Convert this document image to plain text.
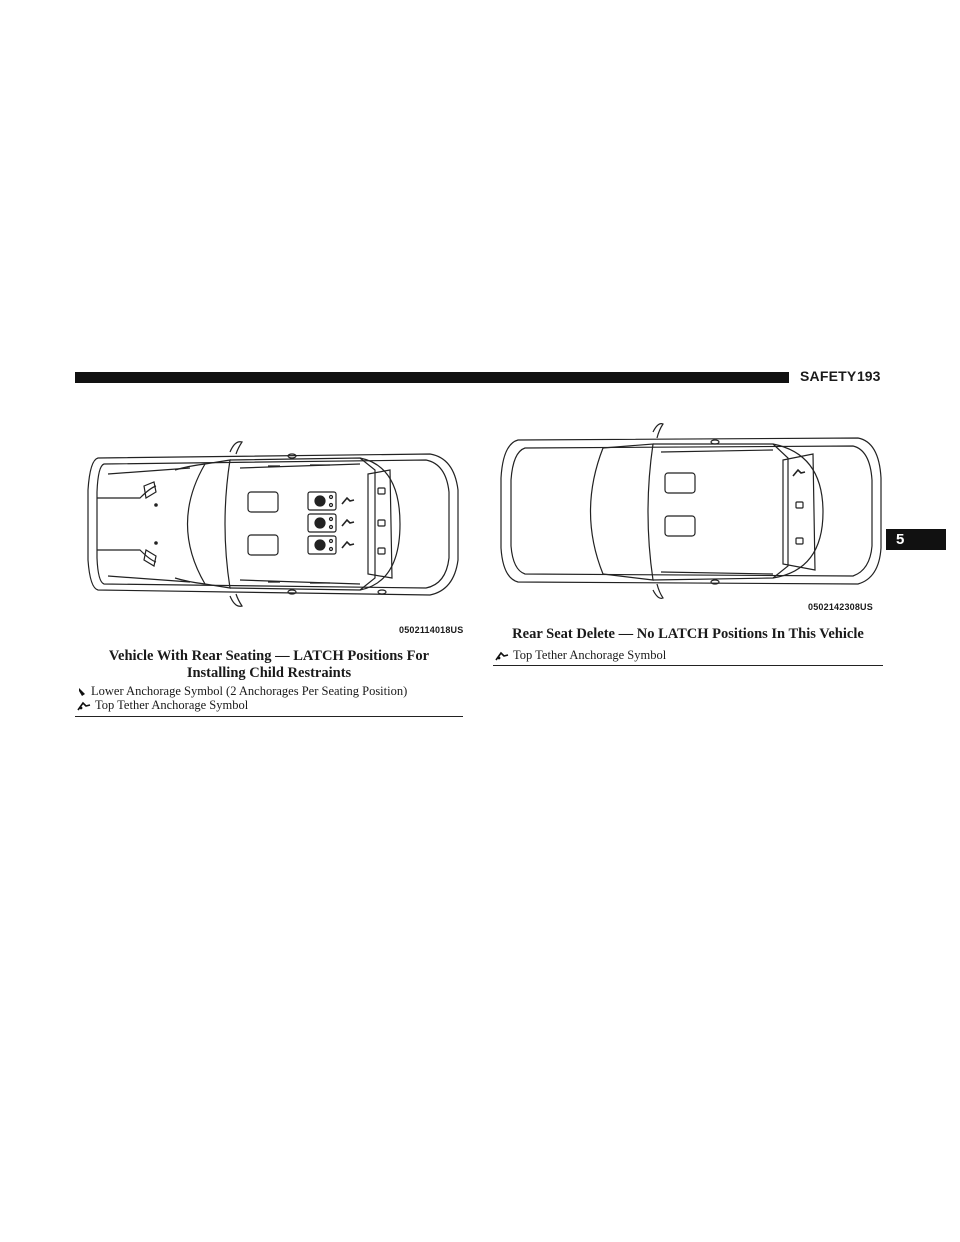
SAFETY 193
5
0502114018US
Vehicle With Rear Seating — LATCH Positions For
Installing Child Restraints
Lower Anchorage Symbol (2 Anchorages Per Seating Position)
Top Tether Anchorage Symbol
0502142308US
Rear Seat Delete — No LATCH Positions In This Vehicle
Top Tether Anchorage Symbol
